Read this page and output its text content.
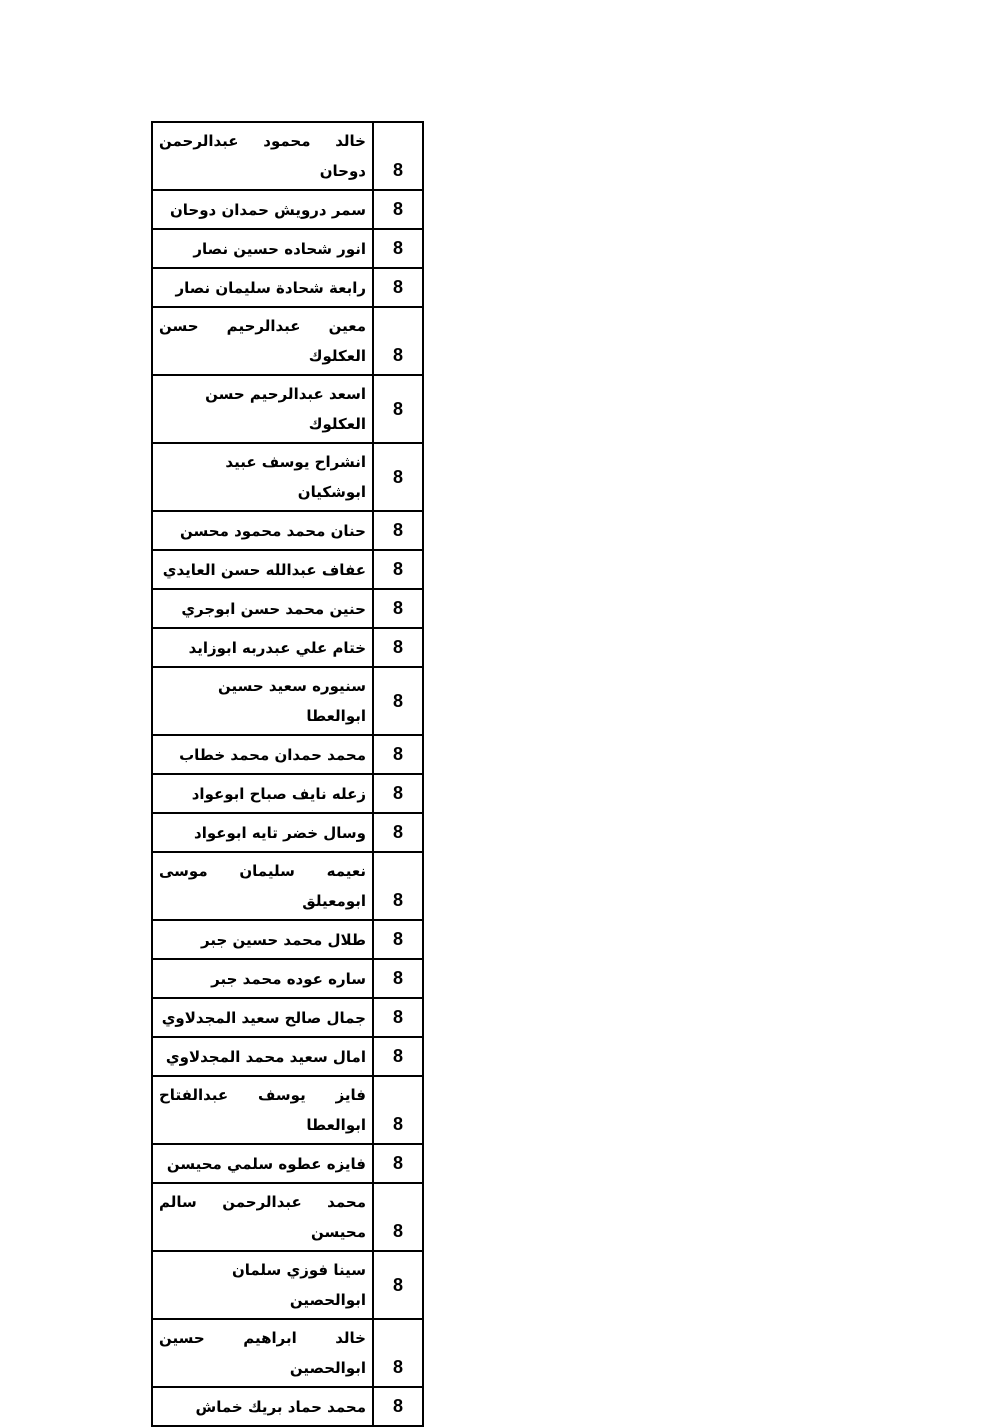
خالد محمود عبدالرحمن دوحان	8
سمر درويش حمدان دوحان	8
انور شحاده حسين نصار	8
رابعة شحادة سليمان نصار	8
معين عبدالرحيم حسن العكلوك	8
اسعد عبدالرحيم حسن العكلوك	8
انشراح يوسف عبيد ابوشكيان	8
حنان محمد محمود محسن	8
عفاف عبدالله حسن العايدي	8
حنين محمد حسن ابوجري	8
ختام علي عبدربه ابوزايد	8
سنيوره سعيد حسين ابوالعطا	8
محمد حمدان محمد خطاب	8
زعله نايف صباح ابوعواد	8
وسال خضر تايه ابوعواد	8
نعيمه سليمان موسى ابومعيلق	8
طلال محمد حسين جبر	8
ساره عوده محمد جبر	8
جمال صالح سعيد المجدلاوي	8
امال سعيد محمد المجدلاوي	8
فايز يوسف عبدالفتاح ابوالعطا	8
فايزه عطوه سلمي محيسن	8
محمد عبدالرحمن سالم محيسن	8
سينا فوزي سلمان ابوالحصين	8
خالد ابراهيم حسين ابوالحصين	8
محمد حماد بريك خماش	8
